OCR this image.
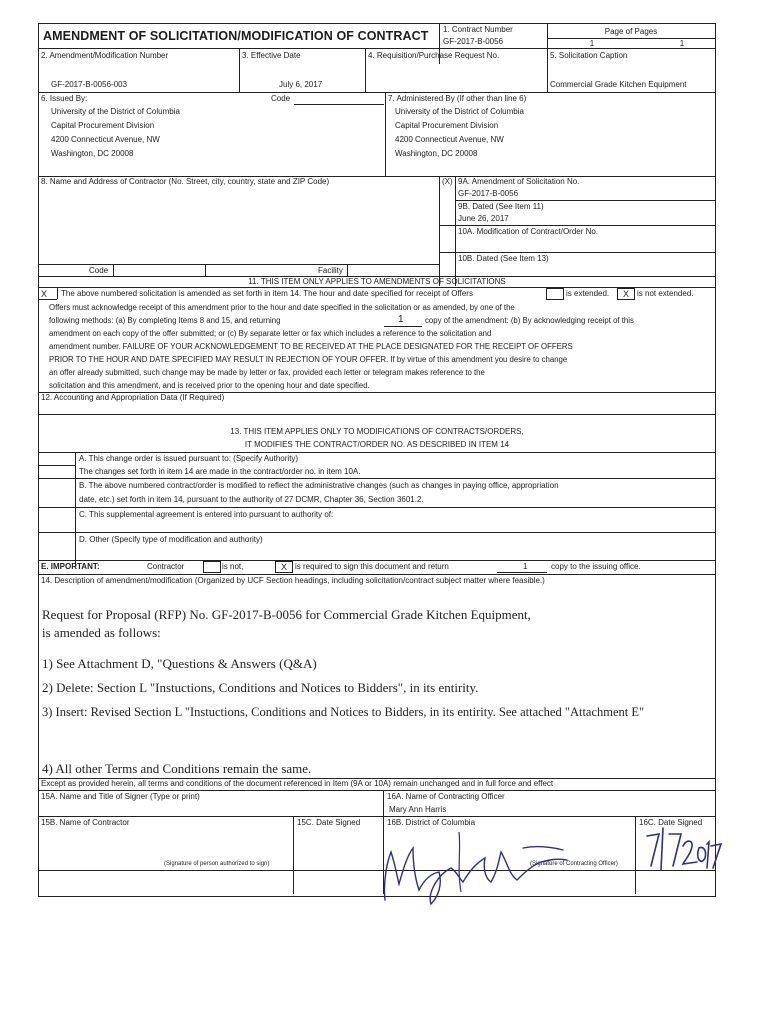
AMENDMENT OF SOLICITATION/MODIFICATION OF CONTRACT 1. Contract Number
GF-2017-B-0056
Page of Pages
1	1
2. Amendment/Modification Number
GF-2017-B-0056-003
3. Effective Date
July 6, 2017
4. Requisition/Purchase Request No.	5. Solicitation Caption
Commercial Grade Kitchen Equipment
6. Issued By:	Code
University of the District of Columbia
Capital Procurement Division
4200 Connecticut Avenue, NW
Washington, DC 20008
7. Administered By (If other than line 6)
University of the District of Columbia
Capital Procurement Division
4200 Connecticut Avenue, NW
Washington, DC 20008
8. Name and Address of Contractor (No. Street, city, country, state and ZIP Code)	(X) 9A. Amendment of Solicitation No.
GF-2017-B-0056
9B. Dated (See Item 11)
June 26, 2017
10A. Modification of Contract/Order No.
10B. Dated (See Item 13)
Code	Facility
11. THIS ITEM ONLY APPLIES TO AMENDMENTS OF SOLICITATIONS
X The above numbered solicitation is amended as set forth in item 14. The hour and date specified for receipt of Offers	is extended.	X	is not extended.
Offers must acknowledge receipt of this amendment prior to the hour and date specified in the solicitation or as amended, by one of the
following methods: (a) By completing Items 8 and 15, and returning	1	copy of the amendment: (b) By acknowledging receipt of this
amendment on each copy of the offer submitted; or (c) By separate letter or fax which includes a reference to the solicitation and
amendment number. FAILURE OF YOUR ACKNOWLEDGEMENT TO BE RECEIVED AT THE PLACE DESIGNATED FOR THE RECEIPT OF OFFERS
PRIOR TO THE HOUR AND DATE SPECIFIED MAY RESULT IN REJECTION OF YOUR OFFER. If by virtue of this amendment you desire to change
an offer already submitted, such change may be made by letter or fax, provided each letter or telegram makes reference to the
solicitation and this amendment, and is received prior to the opening hour and date specified.
12. Accounting and Appropriation Data (If Required)
13. THIS ITEM APPLIES ONLY TO MODIFICATIONS OF CONTRACTS/ORDERS,
IT MODIFIES THE CONTRACT/ORDER NO. AS DESCRIBED IN ITEM 14
A. This change order is issued pursuant to: (Specify Authority)
The changes set forth in item 14 are made in the contract/order no. in item 10A.
B. The above numbered contract/order is modified to reflect the administrative changes (such as changes in paying office, appropriation
date, etc.) set forth in item 14, pursuant to the authority of 27 DCMR, Chapter 36, Section 3601.2.
C. This supplemental agreement is entered into pursuant to authority of:
D. Other (Specify type of modification and authority)
E. IMPORTANT:	Contractor	is not,	X	is required to sign this document and return	1	copy to the issuing office.
14. Description of amendment/modification (Organized by UCF Section headings, including solicitation/contract subject matter where feasible.)
Request for Proposal (RFP) No. GF-2017-B-0056 for Commercial Grade Kitchen Equipment,
is amended as follows:
1) See Attachment D, "Questions & Answers (Q&A)
2) Delete: Section L "Instuctions, Conditions and Notices to Bidders", in its entirity.
3) Insert: Revised Section L "Instuctions, Conditions and Notices to Bidders, in its entirity. See attached "Attachment E"
4) All other Terms and Conditions remain the same.
Except as provided herein, all terms and conditions of the document referenced in Item (9A or 10A) remain unchanged and in full force and effect
15A. Name and Title of Signer (Type or print)	16A. Name of Contracting Officer
Mary Ann Harris
15B. Name of Contractor	15C. Date Signed	16B. District of Columbia	16C. Date Signed
(Signature of person authorized to sign)	(Signature of Contracting Officer)
